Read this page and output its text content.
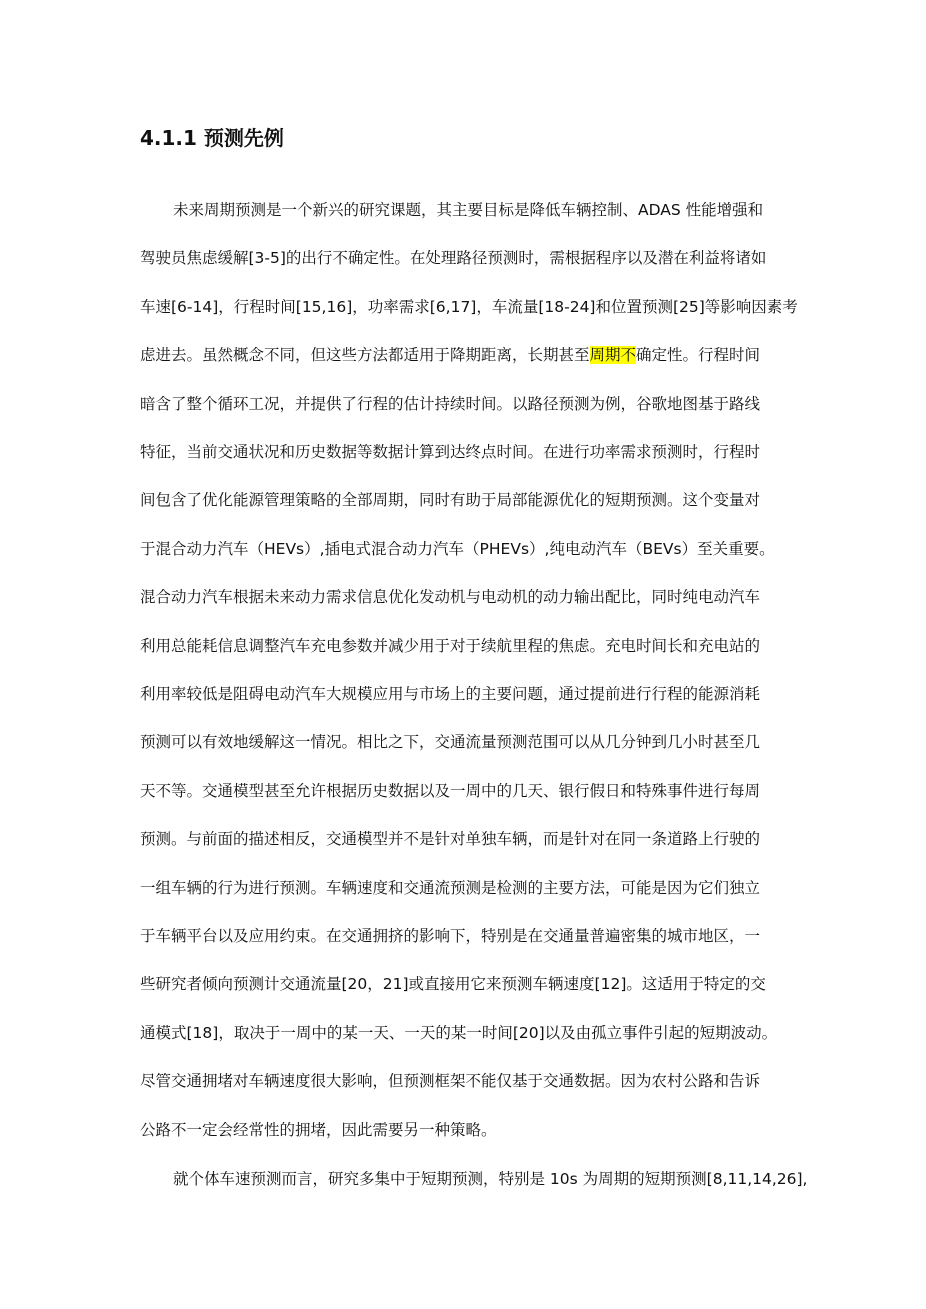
4.1.1 预测先例
未来周期预测是一个新兴的研究课题，其主要目标是降低车辆控制、ADAS 性能增强和
驾驶员焦虑缓解[3-5]的出行不确定性。在处理路径预测时，需根据程序以及潜在利益将诸如
车速[6-14]，行程时间[15,16]，功率需求[6,17]，车流量[18-24]和位置预测[25]等影响因素考
虑进去。虽然概念不同，但这些方法都适用于降期距离，长期甚至周期不确定性。行程时间
暗含了整个循环工况，并提供了行程的估计持续时间。以路径预测为例，谷歌地图基于路线
特征，当前交通状况和历史数据等数据计算到达终点时间。在进行功率需求预测时，行程时
间包含了优化能源管理策略的全部周期，同时有助于局部能源优化的短期预测。这个变量对
于混合动力汽车（HEVs）,插电式混合动力汽车（PHEVs）,纯电动汽车（BEVs）至关重要。
混合动力汽车根据未来动力需求信息优化发动机与电动机的动力输出配比，同时纯电动汽车
利用总能耗信息调整汽车充电参数并减少用于对于续航里程的焦虑。充电时间长和充电站的
利用率较低是阻碍电动汽车大规模应用与市场上的主要问题，通过提前进行行程的能源消耗
预测可以有效地缓解这一情况。相比之下，交通流量预测范围可以从几分钟到几小时甚至几
天不等。交通模型甚至允许根据历史数据以及一周中的几天、银行假日和特殊事件进行每周
预测。与前面的描述相反，交通模型并不是针对单独车辆，而是针对在同一条道路上行驶的
一组车辆的行为进行预测。车辆速度和交通流预测是检测的主要方法，可能是因为它们独立
于车辆平台以及应用约束。在交通拥挤的影响下，特别是在交通量普遍密集的城市地区，一
些研究者倾向预测计交通流量[20，21]或直接用它来预测车辆速度[12]。这适用于特定的交
通模式[18]，取决于一周中的某一天、一天的某一时间[20]以及由孤立事件引起的短期波动。
尽管交通拥堵对车辆速度很大影响，但预测框架不能仅基于交通数据。因为农村公路和告诉
公路不一定会经常性的拥堵，因此需要另一种策略。
就个体车速预测而言，研究多集中于短期预测，特别是 10s 为周期的短期预测[8,11,14,26],
